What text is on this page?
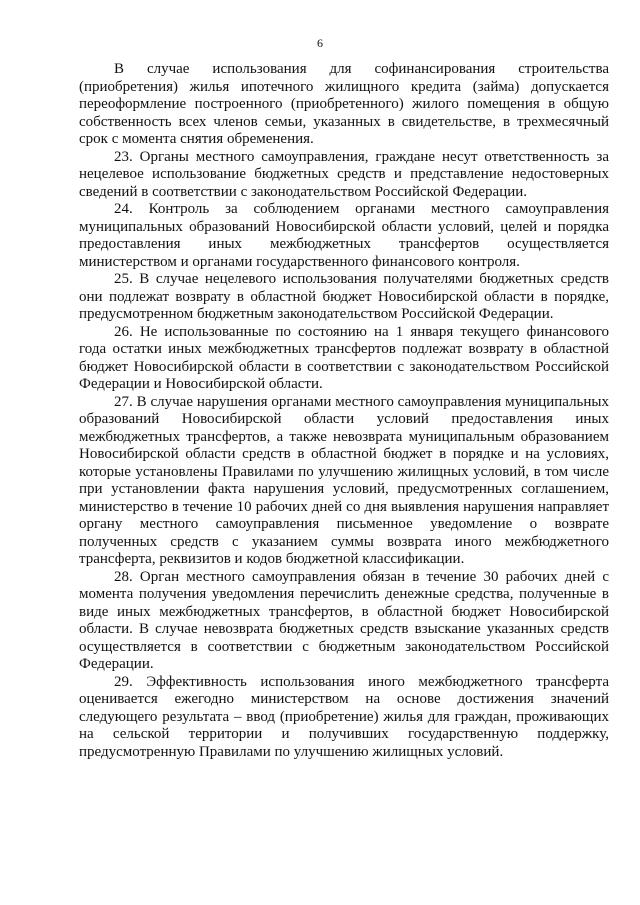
6

В случае использования для софинансирования строительства (приобретения) жилья ипотечного жилищного кредита (займа) допускается переоформление построенного (приобретенного) жилого помещения в общую собственность всех членов семьи, указанных в свидетельстве, в трехмесячный срок с момента снятия обременения.

23. Органы местного самоуправления, граждане несут ответственность за нецелевое использование бюджетных средств и представление недостоверных сведений в соответствии с законодательством Российской Федерации.

24. Контроль за соблюдением органами местного самоуправления муниципальных образований Новосибирской области условий, целей и порядка предоставления иных межбюджетных трансфертов осуществляется министерством и органами государственного финансового контроля.

25. В случае нецелевого использования получателями бюджетных средств они подлежат возврату в областной бюджет Новосибирской области в порядке, предусмотренном бюджетным законодательством Российской Федерации.

26. Не использованные по состоянию на 1 января текущего финансового года остатки иных межбюджетных трансфертов подлежат возврату в областной бюджет Новосибирской области в соответствии с законодательством Российской Федерации и Новосибирской области.

27. В случае нарушения органами местного самоуправления муниципальных образований Новосибирской области условий предоставления иных межбюджетных трансфертов, а также невозврата муниципальным образованием Новосибирской области средств в областной бюджет в порядке и на условиях, которые установлены Правилами по улучшению жилищных условий, в том числе при установлении факта нарушения условий, предусмотренных соглашением, министерство в течение 10 рабочих дней со дня выявления нарушения направляет органу местного самоуправления письменное уведомление о возврате полученных средств с указанием суммы возврата иного межбюджетного трансферта, реквизитов и кодов бюджетной классификации.

28. Орган местного самоуправления обязан в течение 30 рабочих дней с момента получения уведомления перечислить денежные средства, полученные в виде иных межбюджетных трансфертов, в областной бюджет Новосибирской области. В случае невозврата бюджетных средств взыскание указанных средств осуществляется в соответствии с бюджетным законодательством Российской Федерации.

29. Эффективность использования иного межбюджетного трансферта оценивается ежегодно министерством на основе достижения значений следующего результата – ввод (приобретение) жилья для граждан, проживающих на сельской территории и получивших государственную поддержку, предусмотренную Правилами по улучшению жилищных условий.
